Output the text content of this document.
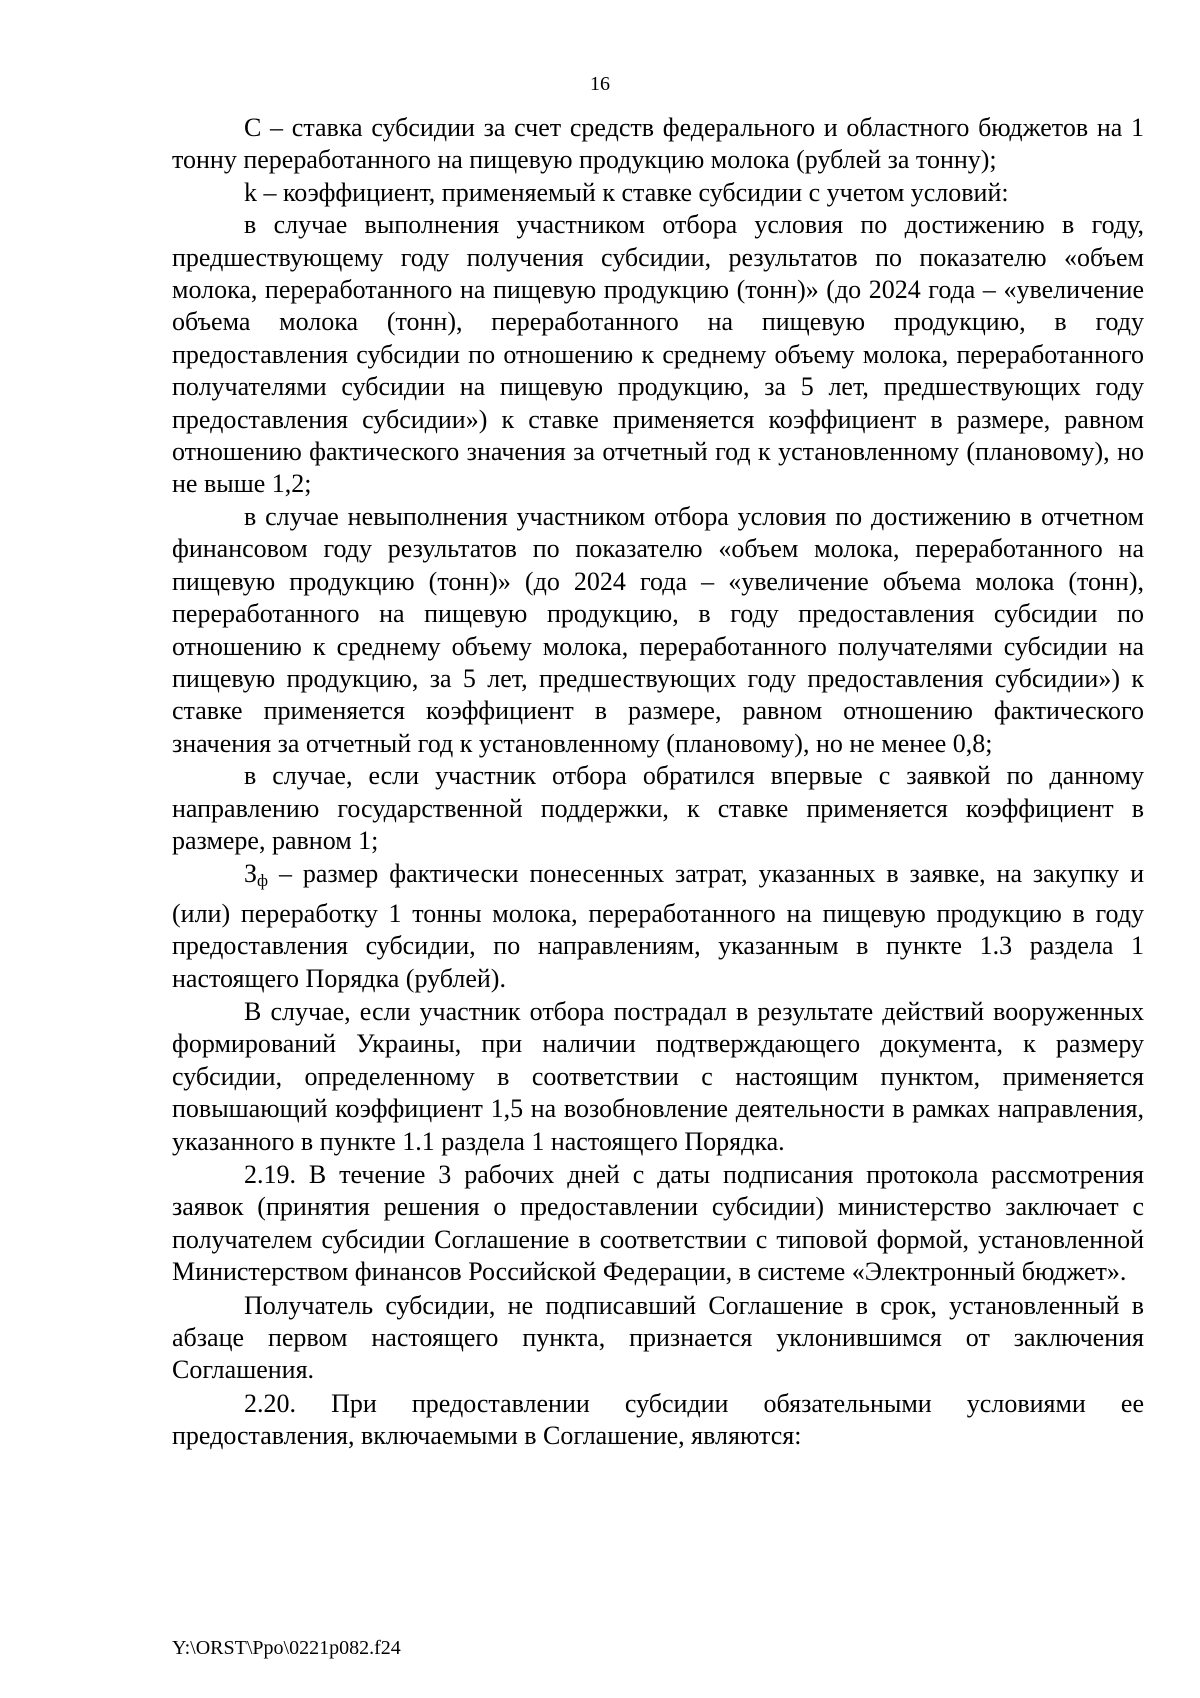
16

С – ставка субсидии за счет средств федерального и областного бюджетов на 1 тонну переработанного на пищевую продукцию молока (рублей за тонну);

k – коэффициент, применяемый к ставке субсидии с учетом условий:

в случае выполнения участником отбора условия по достижению в году, предшествующему году получения субсидии, результатов по показателю «объем молока, переработанного на пищевую продукцию (тонн)» (до 2024 года – «увеличение объема молока (тонн), переработанного на пищевую продукцию, в году предоставления субсидии по отношению к среднему объему молока, переработанного получателями субсидии на пищевую продукцию, за 5 лет, предшествующих году предоставления субсидии») к ставке применяется коэффициент в размере, равном отношению фактического значения за отчетный год к установленному (плановому), но не выше 1,2;

в случае невыполнения участником отбора условия по достижению в отчетном финансовом году результатов по показателю «объем молока, переработанного на пищевую продукцию (тонн)» (до 2024 года – «увеличение объема молока (тонн), переработанного на пищевую продукцию, в году предоставления субсидии по отношению к среднему объему молока, переработанного получателями субсидии на пищевую продукцию, за 5 лет, предшествующих году предоставления субсидии») к ставке применяется коэффициент в размере, равном отношению фактического значения за отчетный год к установленному (плановому), но не менее 0,8;

в случае, если участник отбора обратился впервые с заявкой по данному направлению государственной поддержки, к ставке применяется коэффициент в размере, равном 1;

$З_ф$ – размер фактически понесенных затрат, указанных в заявке, на закупку и (или) переработку 1 тонны молока, переработанного на пищевую продукцию в году предоставления субсидии, по направлениям, указанным в пункте 1.3 раздела 1 настоящего Порядка (рублей).

В случае, если участник отбора пострадал в результате действий вооруженных формирований Украины, при наличии подтверждающего документа, к размеру субсидии, определенному в соответствии с настоящим пунктом, применяется повышающий коэффициент 1,5 на возобновление деятельности в рамках направления, указанного в пункте 1.1 раздела 1 настоящего Порядка.

2.19. В течение 3 рабочих дней с даты подписания протокола рассмотрения заявок (принятия решения о предоставлении субсидии) министерство заключает с получателем субсидии Соглашение в соответствии с типовой формой, установленной Министерством финансов Российской Федерации, в системе «Электронный бюджет».

Получатель субсидии, не подписавший Соглашение в срок, установленный в абзаце первом настоящего пункта, признается уклонившимся от заключения Соглашения.

2.20. При предоставлении субсидии обязательными условиями ее предоставления, включаемыми в Соглашение, являются:

Y:\ORST\Ppo\0221p082.f24
